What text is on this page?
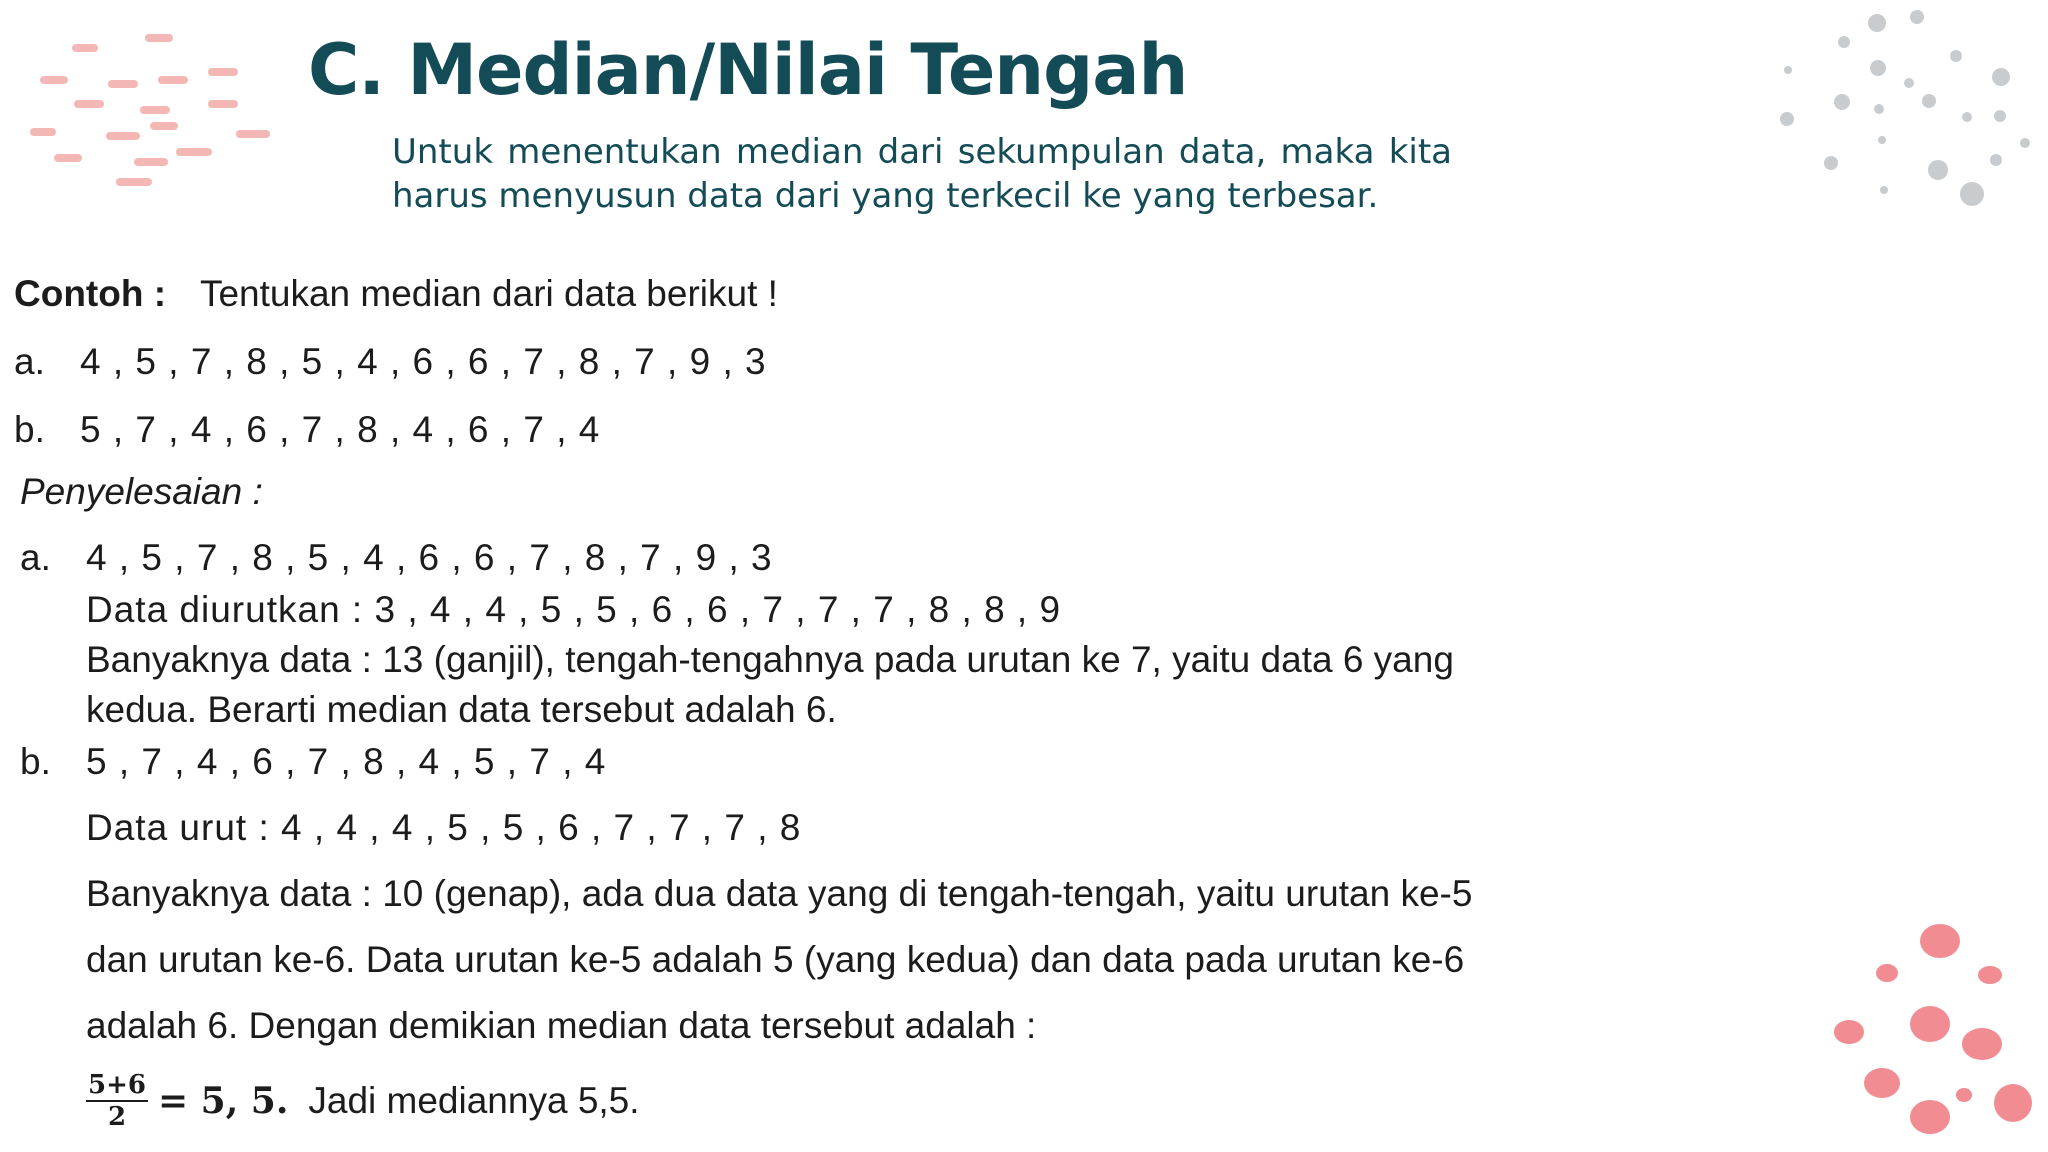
C. Median/Nilai Tengah
Untuk menentukan median dari sekumpulan data, maka kita
harus menyusun data dari yang terkecil ke yang terbesar.
Contoh : Tentukan median dari data berikut !
a. 4 , 5 , 7 , 8 , 5 , 4 , 6 , 6 , 7 , 8 , 7 , 9 , 3
b. 5 , 7 , 4 , 6 , 7 , 8 , 4 , 6 , 7 , 4
Penyelesaian :
a. 4 , 5 , 7 , 8 , 5 , 4 , 6 , 6 , 7 , 8 , 7 , 9 , 3
Data diurutkan : 3 , 4 , 4 , 5 , 5 , 6 , 6 , 7 , 7 , 7 , 8 , 8 , 9
Banyaknya data : 13 (ganjil), tengah-tengahnya pada urutan ke 7, yaitu data 6 yang
kedua. Berarti median data tersebut adalah 6.
b. 5 , 7 , 4 , 6 , 7 , 8 , 4 , 5 , 7 , 4
Data urut : 4 , 4 , 4 , 5 , 5 , 6 , 7 , 7 , 7 , 8
Banyaknya data : 10 (genap), ada dua data yang di tengah-tengah, yaitu urutan ke-5
dan urutan ke-6. Data urutan ke-5 adalah 5 (yang kedua) dan data pada urutan ke-6
adalah 6. Dengan demikian median data tersebut adalah :
$\frac{5+6}{2} = 5$, 5. Jadi mediannya 5,5.
